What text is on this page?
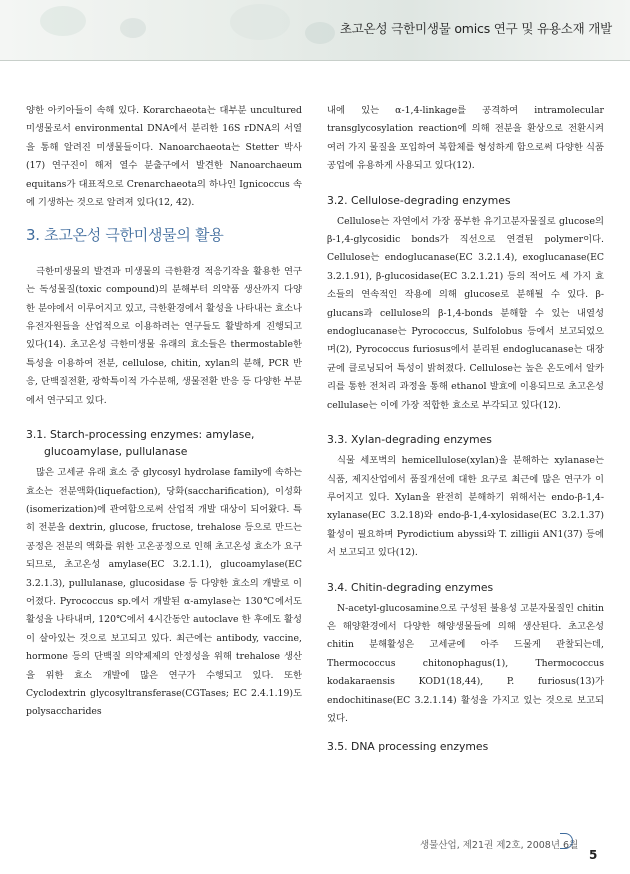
초고온성 극한미생물 omics 연구 및 유용소재 개발

양한 아키아들이 속해 있다. Korarchaeota는 대부분 uncultured 미생물로서 environmental DNA에서 분리한 16S rDNA의 서열을 통해 알려진 미생물들이다. Nanoarchaeota는 Stetter 박사(17) 연구진이 해저 열수 분출구에서 발견한 Nanoarchaeum equitans가 대표적으로 Crenarchaeota의 하나인 Ignicoccus 속에 기생하는 것으로 알려져 있다(12, 42).

3. 초고온성 극한미생물의 활용

극한미생물의 발견과 미생물의 극한환경 적응기작을 활용한 연구는 독성물질(toxic compound)의 분해부터 의약품 생산까지 다양한 분야에서 이루어지고 있고, 극한환경에서 활성을 나타내는 효소나 유전자원들을 산업적으로 이용하려는 연구들도 활발하게 진행되고 있다(14). 초고온성 극한미생물 유래의 효소들은 thermostable한 특성을 이용하여 전분, cellulose, chitin, xylan의 분해, PCR 반응, 단백질전환, 광학특이적 가수분해, 생물전환 반응 등 다양한 부분에서 연구되고 있다.

3.1. Starch-processing enzymes: amylase,
glucoamylase, pullulanase

많은 고세균 유래 효소 중 glycosyl hydrolase family에 속하는 효소는 전분액화(liquefaction), 당화(saccharification), 이성화(isomerization)에 관여함으로써 산업적 개발 대상이 되어왔다. 특히 전분을 dextrin, glucose, fructose, trehalose 등으로 만드는 공정은 전분의 액화를 위한 고온공정으로 인해 초고온성 효소가 요구되므로, 초고온성 amylase(EC 3.2.1.1), glucoamylase(EC 3.2.1.3), pullulanase, glucosidase 등 다양한 효소의 개발로 이어졌다. Pyrococcus sp.에서 개발된 α-amylase는 130℃에서도 활성을 나타내며, 120℃에서 4시간동안 autoclave 한 후에도 활성이 살아있는 것으로 보고되고 있다. 최근에는 antibody, vaccine, hormone 등의 단백질 의약제제의 안정성을 위해 trehalose 생산을 위한 효소 개발에 많은 연구가 수행되고 있다. 또한 Cyclodextrin glycosyltransferase(CGTases; EC 2.4.1.19)도 polysaccharides

내에 있는 α-1,4-linkage를 공격하여 intramolecular transglycosylation reaction에 의해 전분을 환상으로 전환시켜 여러 가지 물질을 포입하여 복합체를 형성하게 함으로써 다양한 식품공업에 유용하게 사용되고 있다(12).

3.2. Cellulose-degrading enzymes

Cellulose는 자연에서 가장 풍부한 유기고분자물질로 glucose의 β-1,4-glycosidic bonds가 직선으로 연결된 polymer이다. Cellulose는 endoglucanase(EC 3.2.1.4), exoglucanase(EC 3.2.1.91), β-glucosidase(EC 3.2.1.21) 등의 적어도 세 가지 효소들의 연속적인 작용에 의해 glucose로 분해될 수 있다. β-glucans과 cellulose의 β-1,4-bonds 분해할 수 있는 내열성 endoglucanase는 Pyrococcus, Sulfolobus 등에서 보고되었으며(2), Pyrococcus furiosus에서 분리된 endoglucanase는 대장균에 클로닝되어 특성이 밝혀졌다. Cellulose는 높은 온도에서 알카리를 통한 전처리 과정을 통해 ethanol 발효에 이용되므로 초고온성 cellulase는 이에 가장 적합한 효소로 부각되고 있다(12).

3.3. Xylan-degrading enzymes

식물 세포벽의 hemicellulose(xylan)을 분해하는 xylanase는 식품, 제지산업에서 품질개선에 대한 요구로 최근에 많은 연구가 이루어지고 있다. Xylan을 완전히 분해하기 위해서는 endo-β-1,4-xylanase(EC 3.2.18)와 endo-β-1,4-xylosidase(EC 3.2.1.37) 활성이 필요하며 Pyrodictium abyssi와 T. zilligii AN1(37) 등에서 보고되고 있다(12).

3.4. Chitin-degrading enzymes

N-acetyl-glucosamine으로 구성된 불용성 고분자물질인 chitin은 해양환경에서 다양한 해양생물들에 의해 생산된다. 초고온성 chitin 분해활성은 고세균에 아주 드물게 관찰되는데, Thermococcus chitonophagus(1), Thermococcus kodakaraensis KOD1(18,44), P. furiosus(13)가 endochitinase(EC 3.2.1.14) 활성을 가지고 있는 것으로 보고되었다.

3.5. DNA processing enzymes
생물산업, 제21권 제2호, 2008년 6월
5
